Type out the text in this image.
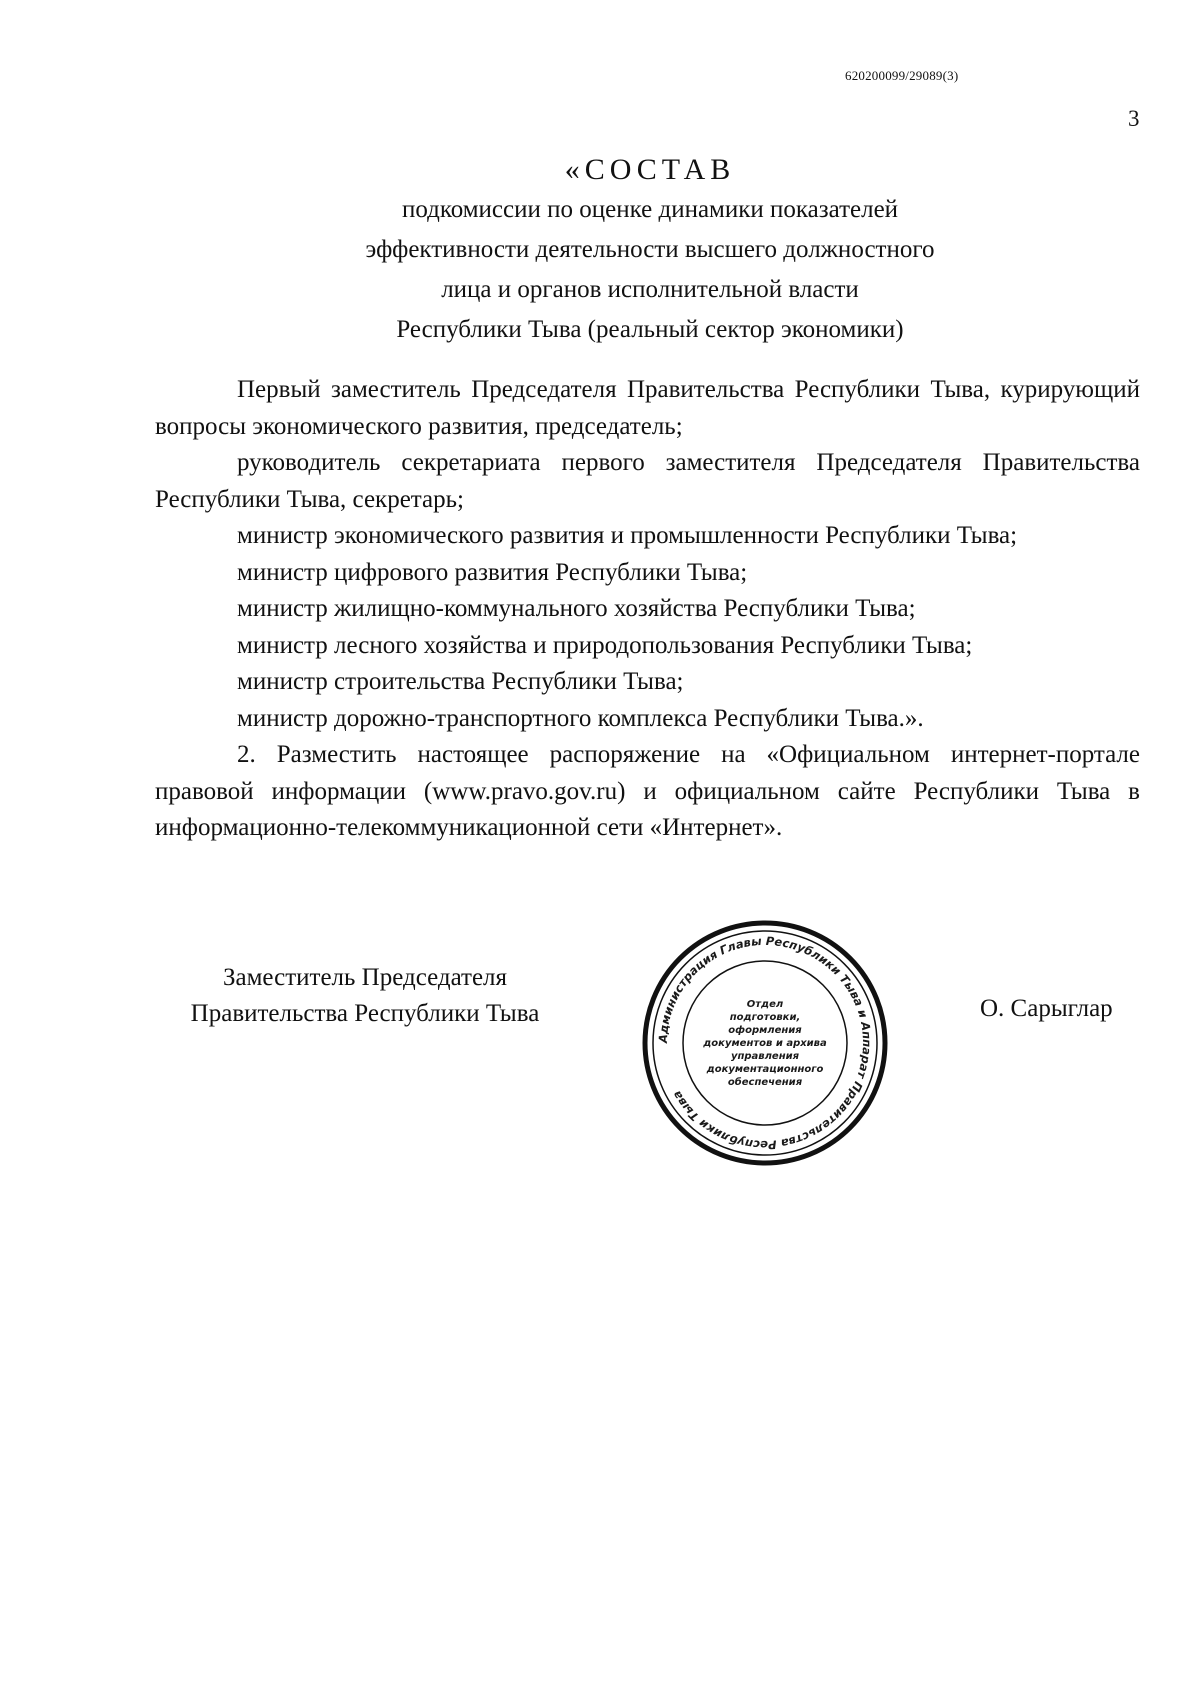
620200099/29089(3)
3
«СОСТАВ
подкомиссии по оценке динамики показателей
эффективности деятельности высшего должностного
лица и органов исполнительной власти
Республики Тыва (реальный сектор экономики)

Первый заместитель Председателя Правительства Республики Тыва, курирующий вопросы экономического развития, председатель;

руководитель секретариата первого заместителя Председателя Правительства Республики Тыва, секретарь;

министр экономического развития и промышленности Республики Тыва;

министр цифрового развития Республики Тыва;

министр жилищно-коммунального хозяйства Республики Тыва;

министр лесного хозяйства и природопользования Республики Тыва;

министр строительства Республики Тыва;

министр дорожно-транспортного комплекса Республики Тыва.».

2. Разместить настоящее распоряжение на «Официальном интернет-портале правовой информации (www.pravo.gov.ru) и официальном сайте Республики Тыва в информационно-телекоммуникационной сети «Интернет».

Заместитель Председателя
Правительства Республики Тыва
Администрация Главы Республики Тыва и Аппарат Правительства Республики Тыва
Отдел
подготовки,
оформления
документов и архива
управления
документационного
обеспечения
О. Сарыглар
